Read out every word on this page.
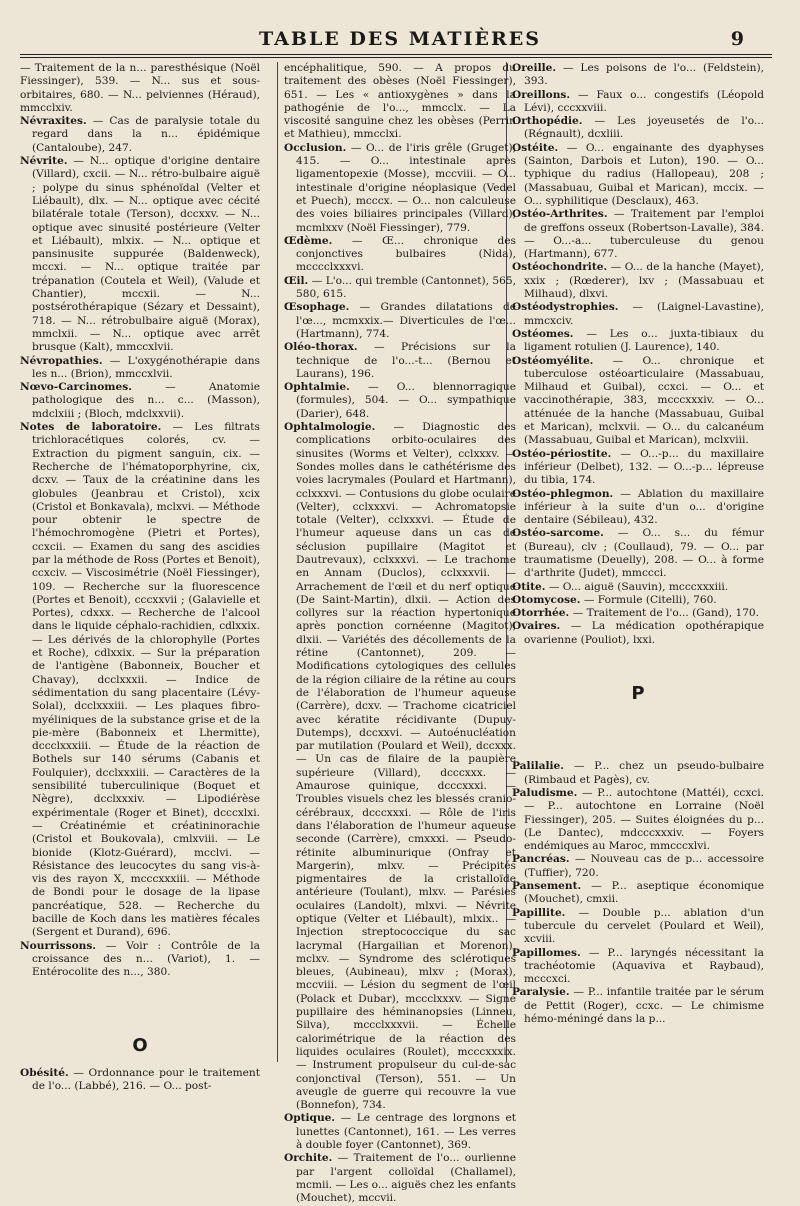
TABLE DES MATIÈRES	9

— Traitement de la n... paresthésique (Noël Fiessinger), 539. — N... sus et sous-orbitaires, 680. — N... pelviennes (Héraud), mmcclxiv.

Névraxites. — Cas de paralysie totale du regard dans la n... épidémique (Cantaloube), 247.

Névrite. — N... optique d'origine dentaire (Villard), cxcii. — N... rétro-bulbaire aiguë ; polype du sinus sphénoïdal (Velter et Liébault), dlx. — N... optique avec cécité bilatérale totale (Terson), dccxxv. — N... optique avec sinusité postérieure (Velter et Liébault), mlxix. — N... optique et pansinusite suppurée (Baldenweck), mccxi. — N... optique traitée par trépanation (Coutela et Weil), (Valude et Chantier), mccxii. — N... postsérothérapique (Sézary et Dessaint), 718. — N... rétrobulbaire aiguë (Morax), mmclxii. — N... optique avec arrêt brusque (Kalt), mmccxlvii.

Névropathies. — L'oxygénothérapie dans les n... (Brion), mmccxlvii.

Nœvo-Carcinomes. — Anatomie pathologique des n... c... (Masson), mdclxiii ; (Bloch, mdclxxvii).

Notes de laboratoire. — Les filtrats trichloracétiques colorés, cv. — Extraction du pigment sanguin, cix. — Recherche de l'hématoporphyrine, cix, dcxv. — Taux de la créatinine dans les globules (Jeanbrau et Cristol), xcix (Cristol et Bonkavala), mclxvi. — Méthode pour obtenir le spectre de l'hémochromogène (Pietri et Portes), ccxcii. — Examen du sang des ascidies par la méthode de Ross (Portes et Benoit), ccxciv. — Viscosimétrie (Noël Fiessinger), 109. — Recherche sur la fluorescence (Portes et Benoit), cccxxvii ; (Galavielle et Portes), cdxxx. — Recherche de l'alcool dans le liquide céphalo-rachidien, cdlxxix. — Les dérivés de la chlorophylle (Portes et Roche), cdlxxix. — Sur la préparation de l'antigène (Babonneix, Boucher et Chavay), dcclxxxii. — Indice de sédimentation du sang placentaire (Lévy-Solal), dcclxxxiii. — Les plaques fibro-myéliniques de la substance grise et de la pie-mère (Babonneix et Lhermitte), dccclxxxiii. — Étude de la réaction de Bothels sur 140 sérums (Cabanis et Foulquier), dcclxxxiii. — Caractères de la sensibilité tuberculinique (Boquet et Nègre), dcclxxxiv. — Lipodiérèse expérimentale (Roger et Binet), dcccxlxi. — Créatinémie et créatininorachie (Cristol et Boukovala), cmlxviii. — Le bionide (Klotz-Guérard), mcclvi. — Résistance des leucocytes du sang vis-à-vis des rayon X, mcccxxxiii. — Méthode de Bondi pour le dosage de la lipase pancréatique, 528. — Recherche du bacille de Koch dans les matières fécales (Sergent et Durand), 696.

Nourrissons. — Voir : Contrôle de la croissance des n... (Variot), 1. — Entérocolite des n..., 380.

O

Obésité. — Ordonnance pour le traitement de l'o... (Labbé), 216. — O... post-

encéphalitique, 590. — A propos du traitement des obèses (Noël Fiessinger), 651. — Les « antioxygènes » dans la pathogénie de l'o..., mmcclx. — La viscosité sanguine chez les obèses (Perrin et Mathieu), mmcclxi.

Occlusion. — O... de l'iris grêle (Gruget), 415. — O... intestinale après ligamentopexie (Mosse), mccviii. — O... intestinale d'origine néoplasique (Vedel et Puech), mcccx. — O... non calculeuse des voies biliaires principales (Villard), mcmlxxv (Noël Fiessinger), 779.

Œdème. — Œ... chronique des conjonctives bulbaires (Nida), mcccclxxxvi.

Œil. — L'o... qui tremble (Cantonnet), 565, 580, 615.

Œsophage. — Grandes dilatations de l'œ..., mcmxxix.— Diverticules de l'œ... (Hartmann), 774.

Oléo-thorax. — Précisions sur la technique de l'o...-t... (Bernou et Laurans), 196.

Ophtalmie. — O... blennorragique (formules), 504. — O... sympathique (Darier), 648.

Ophtalmologie. — Diagnostic des complications orbito-oculaires des sinusites (Worms et Velter), cclxxxv. — Sondes molles dans le cathétérisme des voies lacrymales (Poulard et Hartmann), cclxxxvi. — Contusions du globe oculaire (Velter), cclxxxvi. — Achromatopsie totale (Velter), cclxxxvi. — Étude de l'humeur aqueuse dans un cas de séclusion pupillaire (Magitot et Dautrevaux), cclxxxvi. — Le trachome en Annam (Duclos), cclxxxvii. — Arrachement de l'œil et du nerf optique (De Saint-Martin), dlxii. — Action des collyres sur la réaction hypertonique après ponction cornéenne (Magitot), dlxii. — Variétés des décollements de la rétine (Cantonnet), 209. — Modifications cytologiques des cellules de la région ciliaire de la rétine au cours de l'élaboration de l'humeur aqueuse (Carrère), dcxv. — Trachome cicatriciel avec kératite récidivante (Dupuy-Dutemps), dccxxvi. — Autoénucléation par mutilation (Poulard et Weil), dccxxx. — Un cas de filaire de la paupière supérieure (Villard), dcccxxx. — Amaurose quinique, dcccxxxi. — Troubles visuels chez les blessés cranio-cérébraux, dcccxxxi. — Rôle de l'iris dans l'élaboration de l'humeur aqueuse seconde (Carrère), cmxxxi. — Pseudo-rétinite albuminurique (Onfray et Margerin), mlxv. — Précipités pigmentaires de la cristalloïde antérieure (Toulant), mlxv. — Parésies oculaires (Landolt), mlxvi. — Névrite optique (Velter et Liébault), mlxix.. — Injection streptococcique du sac lacrymal (Hargailian et Morenon), mclxv. — Syndrome des sclérotiques bleues, (Aubineau), mlxv ; (Morax), mccviii. — Lésion du segment de l'œil (Polack et Dubar), mccclxxxv. — Signe pupillaire des héminanopsies (Linneu, Silva), mccclxxxvii. — Échelle calorimétrique de la réaction des liquides oculaires (Roulet), mcccxxxix. — Instrument propulseur du cul-de-sac conjonctival (Terson), 551. — Un aveugle de guerre qui recouvre la vue (Bonnefon), 734.

Optique. — Le centrage des lorgnons et lunettes (Cantonnet), 161. — Les verres à double foyer (Cantonnet), 369.

Orchite. — Traitement de l'o... ourlienne par l'argent colloïdal (Challamel), mcmii. — Les o... aiguës chez les enfants (Mouchet), mccvii.

Oreille. — Les poisons de l'o... (Feldstein), 393.

Oreillons. — Faux o... congestifs (Léopold Lévi), cccxxviii.

Orthopédie. — Les joyeusetés de l'o... (Régnault), dcxliii.

Ostéite. — O... engainante des dyaphyses (Sainton, Darbois et Luton), 190. — O... typhique du radius (Hallopeau), 208 ; (Massabuau, Guibal et Marican), mccix. — O... syphilitique (Desclaux), 463.

Ostéo-Arthrites. — Traitement par l'emploi de greffons osseux (Robertson-Lavalle), 384. — O...-a... tuberculeuse du genou (Hartmann), 677.

Ostéochondrite. — O... de la hanche (Mayet), xxix ; (Rœderer), lxv ; (Massabuau et Milhaud), dlxvi.

Ostéodystrophies. — (Laignel-Lavastine), mmcxciv.

Ostéomes. — Les o... juxta-tibiaux du ligament rotulien (J. Laurence), 140.

Ostéomyélite. — O... chronique et tuberculose ostéoarticulaire (Massabuau, Milhaud et Guibal), ccxci. — O... et vaccinothérapie, 383, mcccxxxiv. — O... atténuée de la hanche (Massabuau, Guibal et Marican), mclxvii. — O... du calcanéum (Massabuau, Guibal et Marican), mclxviii.

Ostéo-périostite. — O...-p... du maxillaire inférieur (Delbet), 132. — O...-p... lépreuse du tibia, 174.

Ostéo-phlegmon. — Ablation du maxillaire inférieur à la suite d'un o... d'origine dentaire (Sébileau), 432.

Ostéo-sarcome. — O... s... du fémur (Bureau), clv ; (Coullaud), 79. — O... par traumatisme (Deuelly), 208. — O... à forme d'arthrite (Judet), mmccci.

Otite. — O... aiguë (Sauvin), mcccxxxiii.

Otomycose. — Formule (Citelli), 760.

Otorrhée. — Traitement de l'o... (Gand), 170.

Ovaires. — La médication opothérapique ovarienne (Pouliot), lxxi.

P

Palilalie. — P... chez un pseudo-bulbaire (Rimbaud et Pagès), cv.

Paludisme. — P... autochtone (Mattéi), ccxci. — P... autochtone en Lorraine (Noël Fiessinger), 205. — Suites éloignées du p... (Le Dantec), mdcccxxxiv. — Foyers endémiques au Maroc, mmcccxlvi.

Pancréas. — Nouveau cas de p... accessoire (Tuffier), 720.

Pansement. — P... aseptique économique (Mouchet), cmxii.

Papillite. — Double p... ablation d'un tubercule du cervelet (Poulard et Weil), xcviii.

Papillomes. — P... laryngés nécessitant la trachéotomie (Aquaviva et Raybaud), mcccxci.

Paralysie. — P... infantile traitée par le sérum de Pettit (Roger), ccxc. — Le chimisme hémo-méningé dans la p...
